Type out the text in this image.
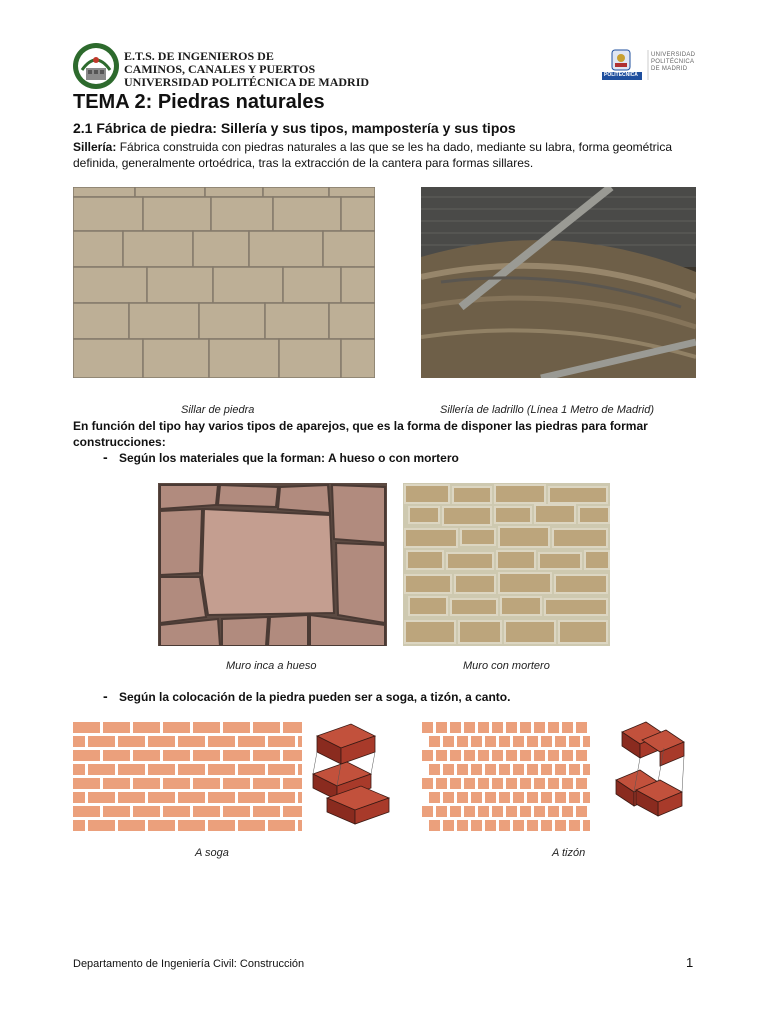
E.T.S. DE INGENIEROS DE
CAMINOS, CANALES Y PUERTOS
UNIVERSIDAD POLITÉCNICA DE MADRID	POLITÉCNICA
UNIVERSIDAD
POLITÉCNICA
DE MADRID
TEMA 2: Piedras naturales
2.1 Fábrica de piedra: Sillería y sus tipos, mampostería y sus tipos
Sillería: Fábrica construida con piedras naturales a las que se les ha dado, mediante su labra, forma geométrica definida, generalmente ortoédrica, tras la extracción de la cantera para formas sillares.
Sillar de piedra	Sillería de ladrillo (Línea 1 Metro de Madrid)
En función del tipo hay varios tipos de aparejos, que es la forma de disponer las piedras para formar construcciones:
- Según los materiales que la forman: A hueso o con mortero
Muro inca a hueso	Muro con mortero
- Según la colocación de la piedra pueden ser a soga, a tizón, a canto.
A soga	A tizón
Departamento de Ingeniería Civil: Construcción	1
